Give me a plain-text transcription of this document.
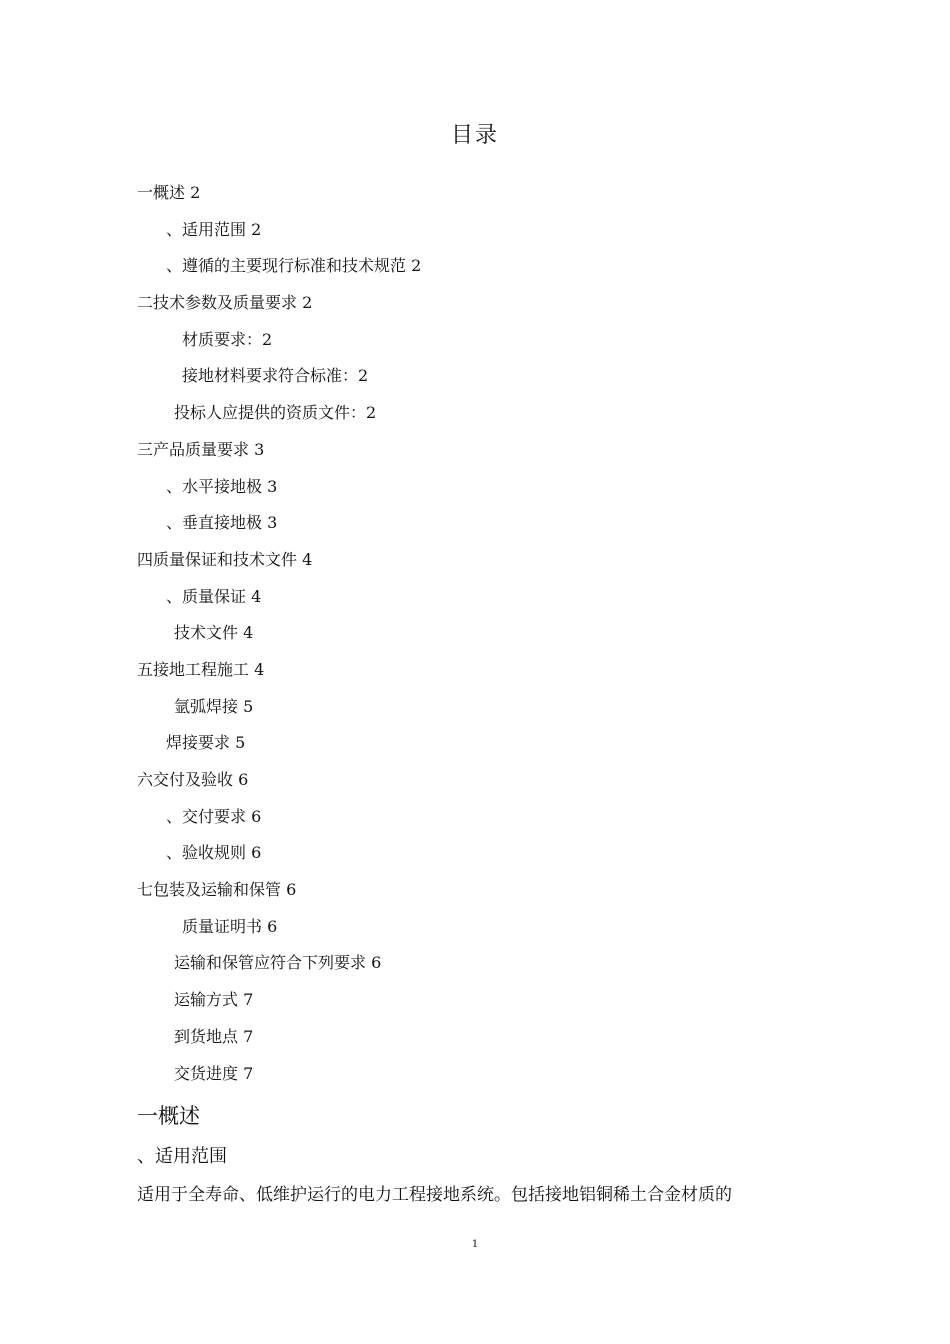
目录
一概述 2
、适用范围 2
、遵循的主要现行标准和技术规范 2
二技术参数及质量要求 2
材质要求：2
接地材料要求符合标准：2
投标人应提供的资质文件：2
三产品质量要求 3
、水平接地极 3
、垂直接地极 3
四质量保证和技术文件 4
、质量保证 4
技术文件 4
五接地工程施工 4
氩弧焊接 5
焊接要求 5
六交付及验收 6
、交付要求 6
、验收规则 6
七包装及运输和保管 6
质量证明书 6
运输和保管应符合下列要求 6
运输方式 7
到货地点 7
交货进度 7
一概述
、适用范围
适用于全寿命、低维护运行的电力工程接地系统。包括接地铝铜稀土合金材质的
1
